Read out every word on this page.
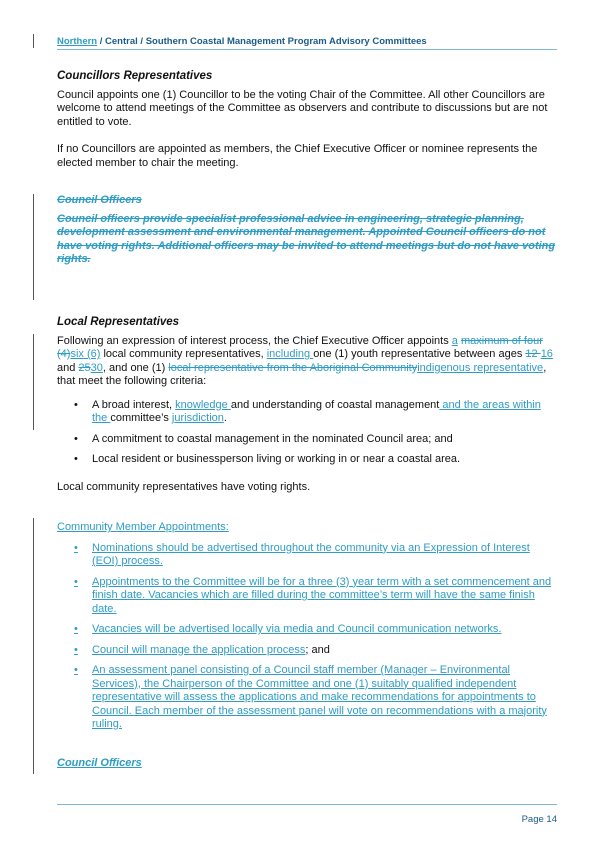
Northern / Central / Southern Coastal Management Program Advisory Committees
Councillors Representatives
Council appoints one (1) Councillor to be the voting Chair of the Committee. All other Councillors are welcome to attend meetings of the Committee as observers and contribute to discussions but are not entitled to vote.
If no Councillors are appointed as members, the Chief Executive Officer or nominee represents the elected member to chair the meeting.
Council Officers
Council officers provide specialist professional advice in engineering, strategic planning, development assessment and environmental management. Appointed Council officers do not have voting rights. Additional officers may be invited to attend meetings but do not have voting rights.
Local Representatives
Following an expression of interest process, the Chief Executive Officer appoints a maximum of four (4)six (6) local community representatives, including one (1) youth representative between ages 12 16 and 2530, and one (1) local representative from the Aboriginal Communityindigenous representative, that meet the following criteria:
• A broad interest, knowledge and understanding of coastal management and the areas within the committee’s jurisdiction.
• A commitment to coastal management in the nominated Council area; and
• Local resident or businessperson living or working in or near a coastal area.
Local community representatives have voting rights.
Community Member Appointments:
• Nominations should be advertised throughout the community via an Expression of Interest (EOI) process.
• Appointments to the Committee will be for a three (3) year term with a set commencement and finish date. Vacancies which are filled during the committee’s term will have the same finish date.
• Vacancies will be advertised locally via media and Council communication networks.
• Council will manage the application process; and
• An assessment panel consisting of a Council staff member (Manager – Environmental Services), the Chairperson of the Committee and one (1) suitably qualified independent representative will assess the applications and make recommendations for appointments to Council. Each member of the assessment panel will vote on recommendations with a majority ruling.
Council Officers
Page 14
